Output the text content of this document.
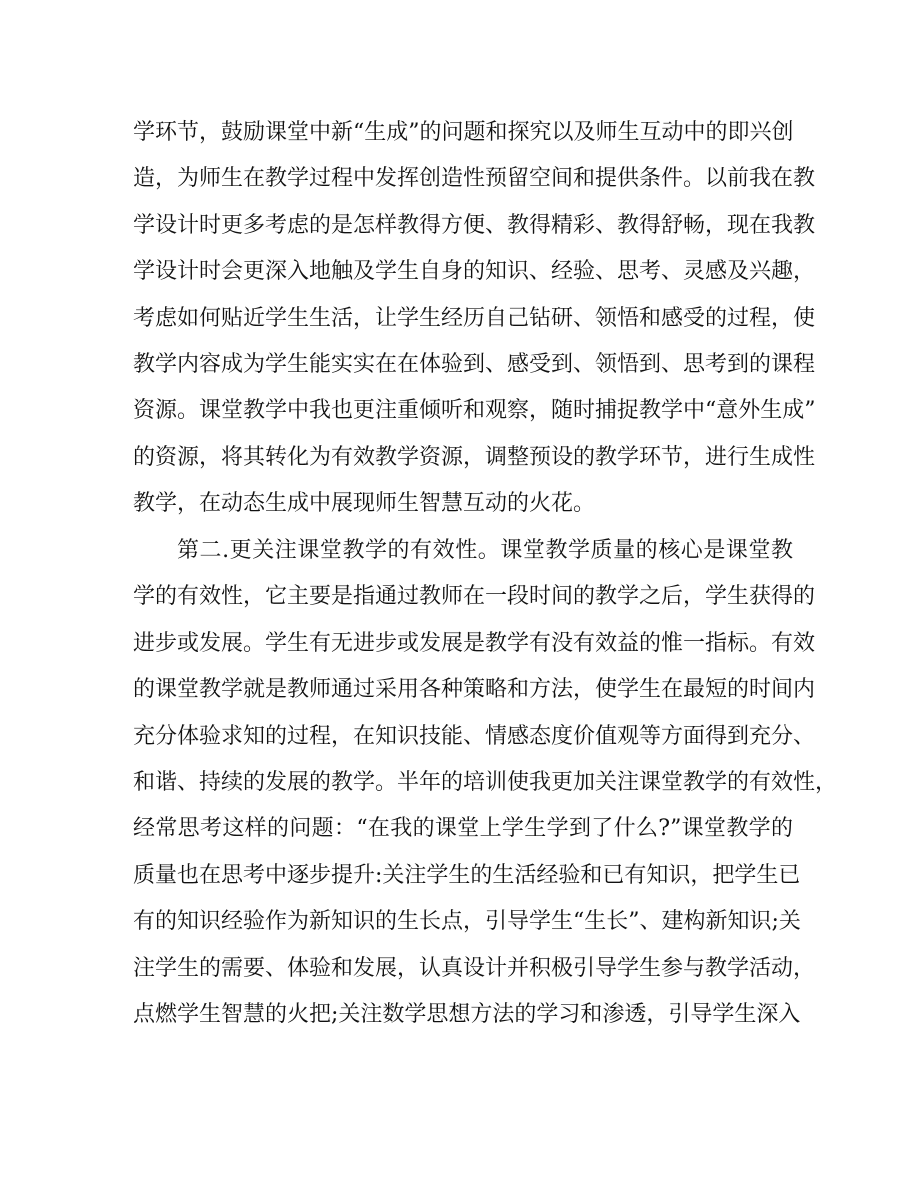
学环节，鼓励课堂中新“生成”的问题和探究以及师生互动中的即兴创
造，为师生在教学过程中发挥创造性预留空间和提供条件。以前我在教
学设计时更多考虑的是怎样教得方便、教得精彩、教得舒畅，现在我教
学设计时会更深入地触及学生自身的知识、经验、思考、灵感及兴趣，
考虑如何贴近学生生活，让学生经历自己钻研、领悟和感受的过程，使
教学内容成为学生能实实在在体验到、感受到、领悟到、思考到的课程
资源。课堂教学中我也更注重倾听和观察，随时捕捉教学中“意外生成”
的资源，将其转化为有效教学资源，调整预设的教学环节，进行生成性
教学，在动态生成中展现师生智慧互动的火花。
第二.更关注课堂教学的有效性。课堂教学质量的核心是课堂教
学的有效性，它主要是指通过教师在一段时间的教学之后，学生获得的
进步或发展。学生有无进步或发展是教学有没有效益的惟一指标。有效
的课堂教学就是教师通过采用各种策略和方法，使学生在最短的时间内
充分体验求知的过程，在知识技能、情感态度价值观等方面得到充分、
和谐、持续的发展的教学。半年的培训使我更加关注课堂教学的有效性，
经常思考这样的问题：“在我的课堂上学生学到了什么?”课堂教学的
质量也在思考中逐步提升:关注学生的生活经验和已有知识，把学生已
有的知识经验作为新知识的生长点，引导学生“生长”、建构新知识;关
注学生的需要、体验和发展，认真设计并积极引导学生参与教学活动，
点燃学生智慧的火把;关注数学思想方法的学习和渗透，引导学生深入
